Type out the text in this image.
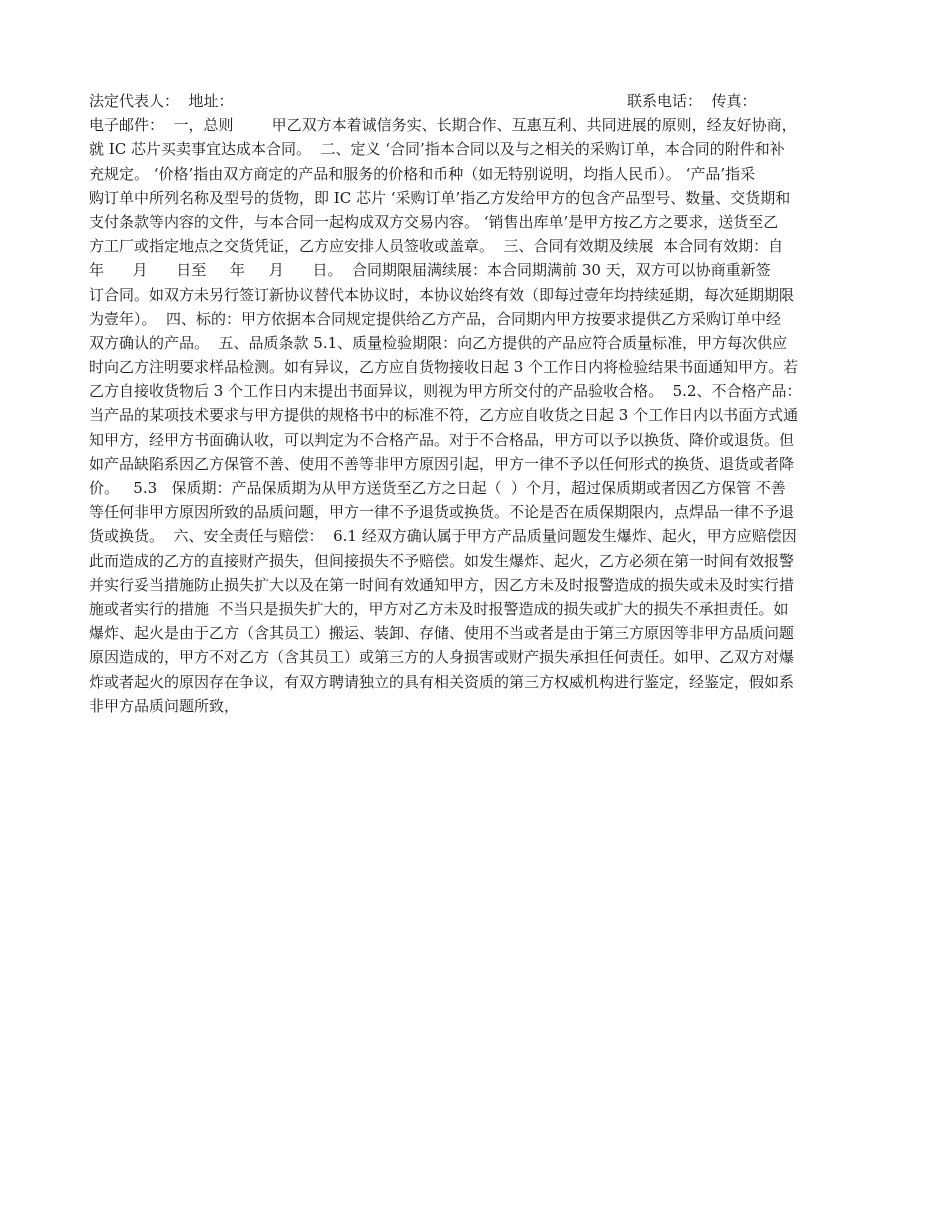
法定代表人：  地址：	联系电话：  传真：
电子邮件：  一，总则        甲乙双方本着诚信务实、长期合作、互惠互利、共同进展的原则，经友好协商，
就 IC 芯片买卖事宜达成本合同。  二、定义 ‘合同’指本合同以及与之相关的采购订单，本合同的附件和补
充规定。 ‘价格’指由双方商定的产品和服务的价格和币种（如无特别说明，均指人民币）。 ‘产品’指采
购订单中所列名称及型号的货物，即 IC 芯片 ‘采购订单’指乙方发给甲方的包含产品型号、数量、交货期和
支付条款等内容的文件，与本合同一起构成双方交易内容。 ‘销售出库单’是甲方按乙方之要求，送货至乙
方工厂或指定地点之交货凭证，乙方应安排人员签收或盖章。  三、合同有效期及续展  本合同有效期：自
年      月      日至     年     月      日。  合同期限届满续展：本合同期满前 30 天，双方可以协商重新签
订合同。如双方未另行签订新协议替代本协议时，本协议始终有效（即每过壹年均持续延期，每次延期期限
为壹年）。  四、标的：甲方依据本合同规定提供给乙方产品，合同期内甲方按要求提供乙方采购订单中经
双方确认的产品。  五、品质条款 5.1、质量检验期限：向乙方提供的产品应符合质量标准，甲方每次供应
时向乙方注明要求样品检测。如有异议，乙方应自货物接收日起 3 个工作日内将检验结果书面通知甲方。若
乙方自接收货物后 3 个工作日内末提出书面异议，则视为甲方所交付的产品验收合格。  5.2、不合格产品：
当产品的某项技术要求与甲方提供的规格书中的标准不符，乙方应自收货之日起 3 个工作日内以书面方式通
知甲方，经甲方书面确认收，可以判定为不合格产品。对于不合格品，甲方可以予以换货、降价或退货。但
如产品缺陷系因乙方保管不善、使用不善等非甲方原因引起，甲方一律不予以任何形式的换货、退货或者降
价。   5.3   保质期：产品保质期为从甲方送货至乙方之日起（  ）个月，超过保质期或者因乙方保管 不善
等任何非甲方原因所致的品质问题，甲方一律不予退货或换货。不论是否在质保期限内，点焊品一律不予退
货或换货。  六、安全责任与赔偿：  6.1 经双方确认属于甲方产品质量问题发生爆炸、起火，甲方应赔偿因
此而造成的乙方的直接财产损失，但间接损失不予赔偿。如发生爆炸、起火，乙方必须在第一时间有效报警
并实行妥当措施防止损失扩大以及在第一时间有效通知甲方，因乙方未及时报警造成的损失或未及时实行措
施或者实行的措施  不当只是损失扩大的，甲方对乙方未及时报警造成的损失或扩大的损失不承担责任。如
爆炸、起火是由于乙方（含其员工）搬运、装卸、存储、使用不当或者是由于第三方原因等非甲方品质问题
原因造成的，甲方不对乙方（含其员工）或第三方的人身损害或财产损失承担任何责任。如甲、乙双方对爆
炸或者起火的原因存在争议，有双方聘请独立的具有相关资质的第三方权威机构进行鉴定，经鉴定，假如系
非甲方品质问题所致，
